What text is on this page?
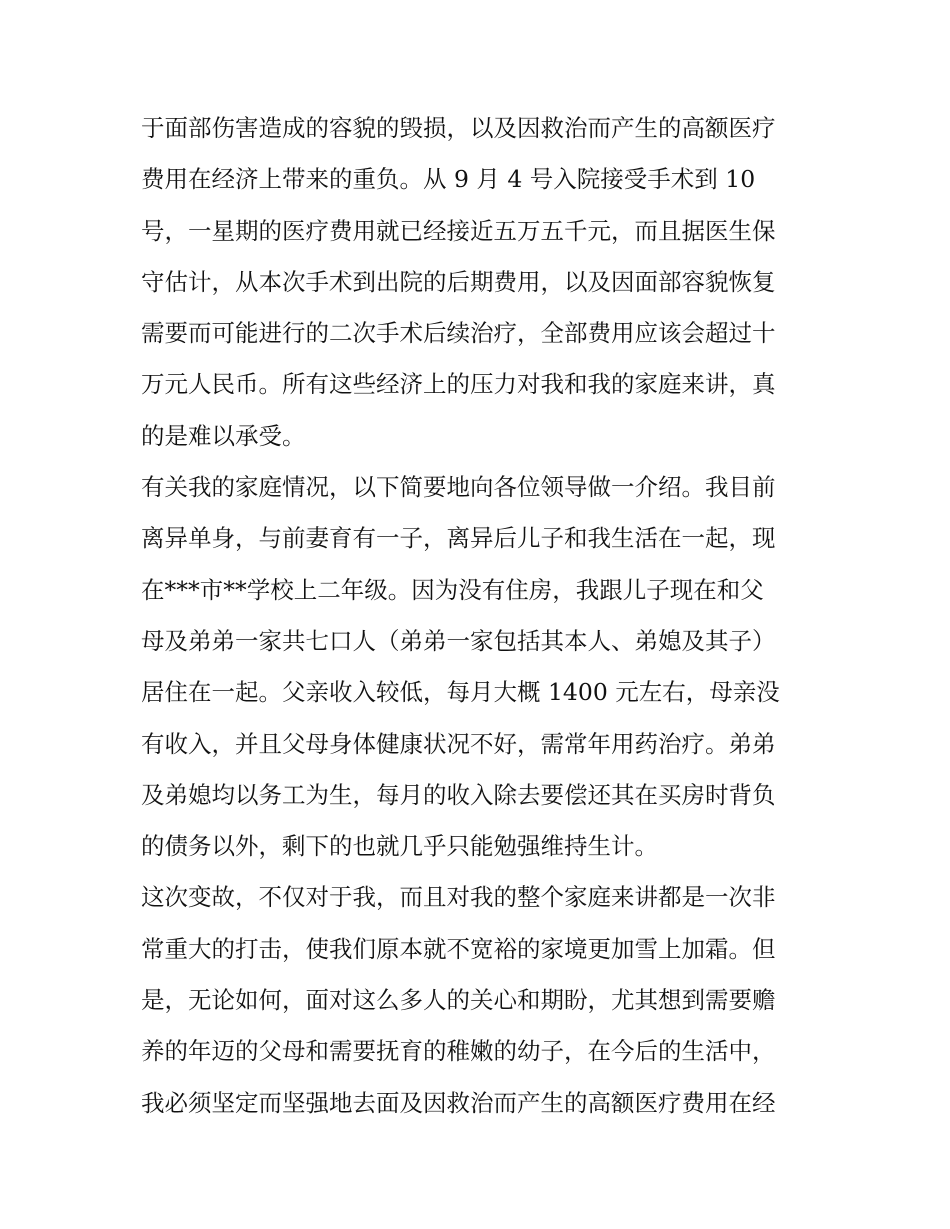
于面部伤害造成的容貌的毁损，以及因救治而产生的高额医疗
费用在经济上带来的重负。从 9 月 4 号入院接受手术到 10
号，一星期的医疗费用就已经接近五万五千元，而且据医生保
守估计，从本次手术到出院的后期费用，以及因面部容貌恢复
需要而可能进行的二次手术后续治疗，全部费用应该会超过十
万元人民币。所有这些经济上的压力对我和我的家庭来讲，真
的是难以承受。
有关我的家庭情况，以下简要地向各位领导做一介绍。我目前
离异单身，与前妻育有一子，离异后儿子和我生活在一起，现
在***市**学校上二年级。因为没有住房，我跟儿子现在和父
母及弟弟一家共七口人（弟弟一家包括其本人、弟媳及其子）
居住在一起。父亲收入较低，每月大概 1400 元左右，母亲没
有收入，并且父母身体健康状况不好，需常年用药治疗。弟弟
及弟媳均以务工为生，每月的收入除去要偿还其在买房时背负
的债务以外，剩下的也就几乎只能勉强维持生计。
这次变故，不仅对于我，而且对我的整个家庭来讲都是一次非
常重大的打击，使我们原本就不宽裕的家境更加雪上加霜。但
是，无论如何，面对这么多人的关心和期盼，尤其想到需要赡
养的年迈的父母和需要抚育的稚嫩的幼子，在今后的生活中，
我必须坚定而坚强地去面及因救治而产生的高额医疗费用在经
